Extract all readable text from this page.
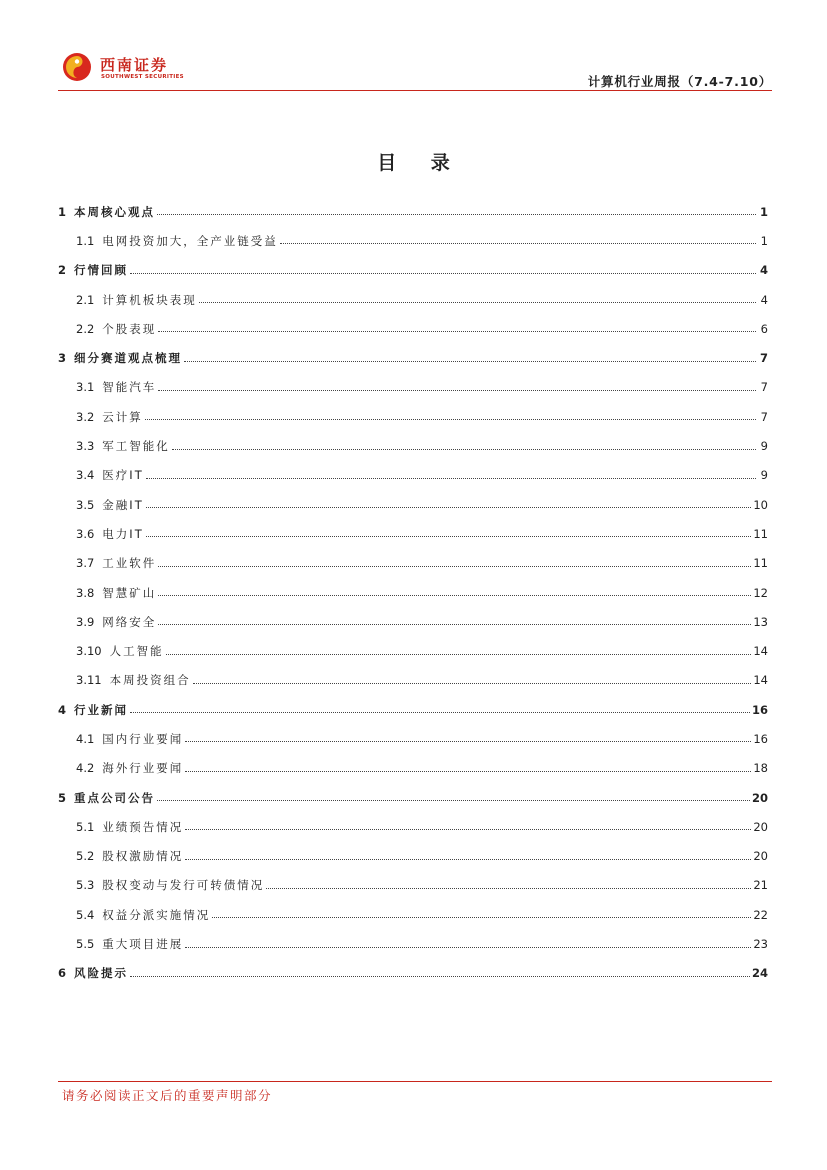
西南证券
SOUTHWEST SECURITIES	计算机行业周报（7.4-7.10）
目 录
1 本周核心观点	1
1.1 电网投资加大，全产业链受益	1
2 行情回顾	4
2.1 计算机板块表现	4
2.2 个股表现	6
3 细分赛道观点梳理	7
3.1 智能汽车	7
3.2 云计算	7
3.3 军工智能化	9
3.4 医疗IT	9
3.5 金融IT	10
3.6 电力IT	11
3.7 工业软件	11
3.8 智慧矿山	12
3.9 网络安全	13
3.10 人工智能	14
3.11 本周投资组合	14
4 行业新闻	16
4.1 国内行业要闻	16
4.2 海外行业要闻	18
5 重点公司公告	20
5.1 业绩预告情况	20
5.2 股权激励情况	20
5.3 股权变动与发行可转债情况	21
5.4 权益分派实施情况	22
5.5 重大项目进展	23
6 风险提示	24
请务必阅读正文后的重要声明部分
